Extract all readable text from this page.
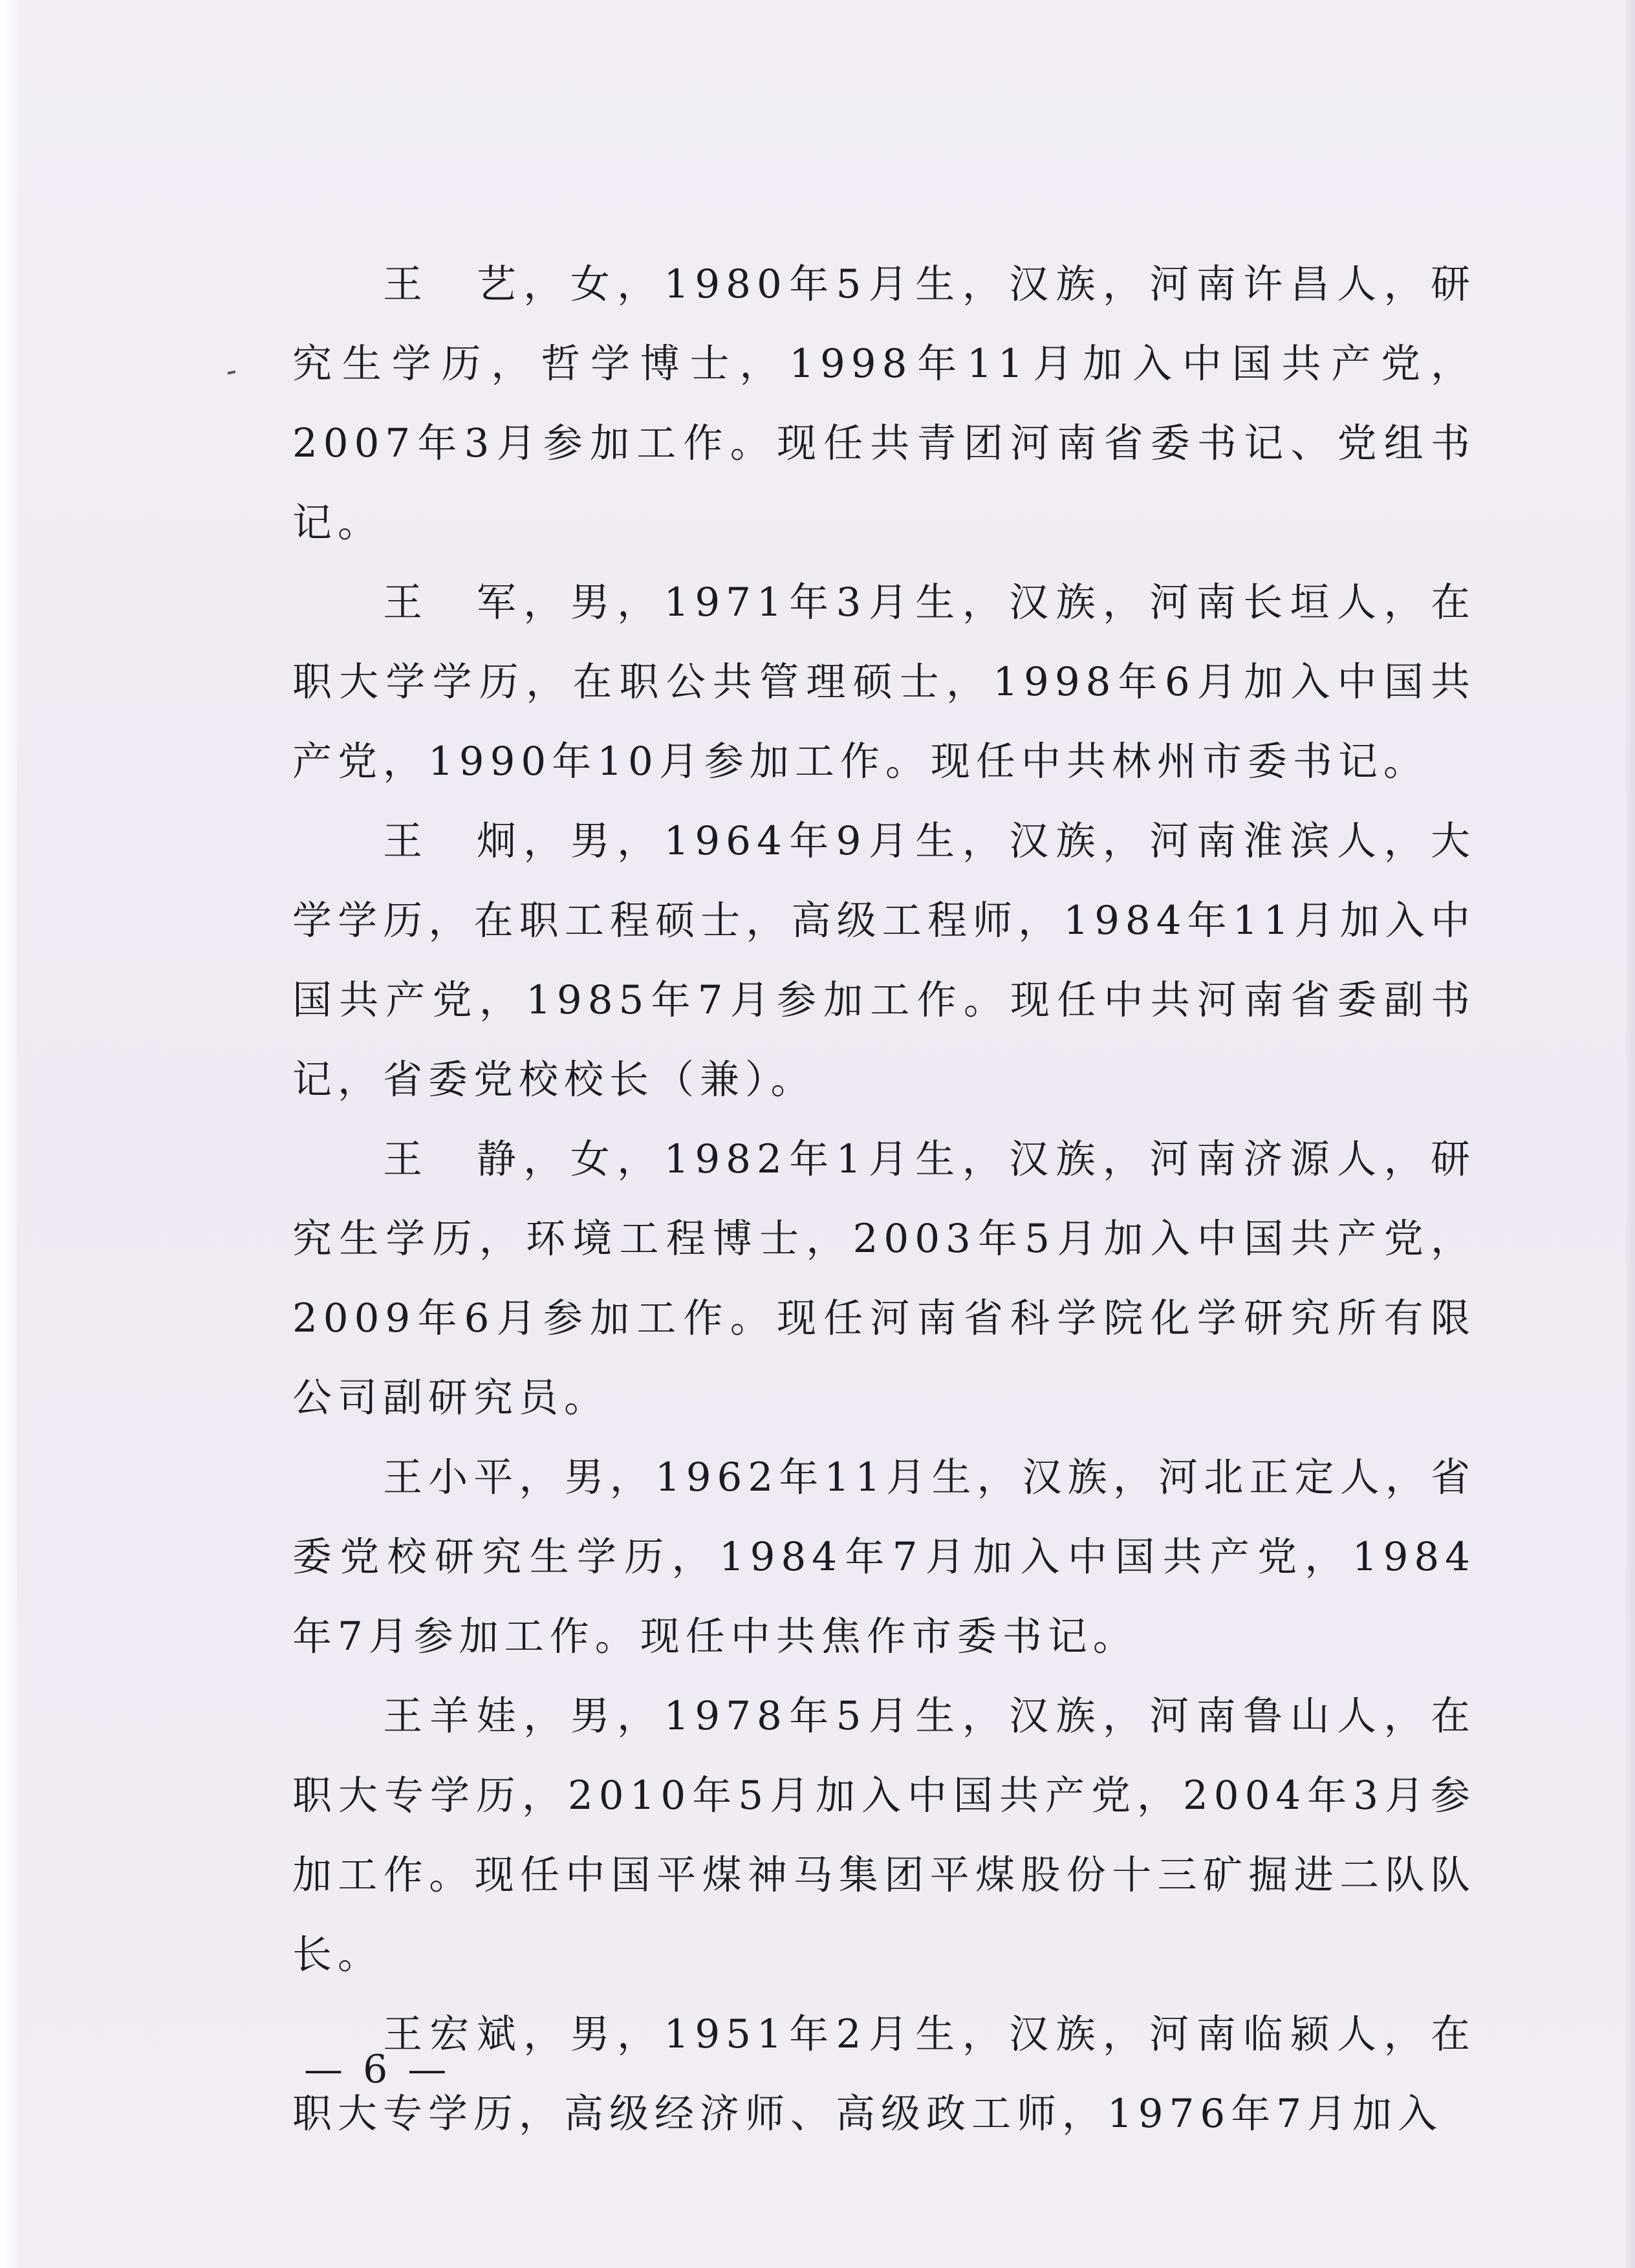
王　艺，女，1980年5月生，汉族，河南许昌人，研究生学历，哲学博士，1998年11月加入中国共产党，2007年3月参加工作。现任共青团河南省委书记、党组书记。

王　军，男，1971年3月生，汉族，河南长垣人，在职大学学历，在职公共管理硕士，1998年6月加入中国共产党，1990年10月参加工作。现任中共林州市委书记。

王　炯，男，1964年9月生，汉族，河南淮滨人，大学学历，在职工程硕士，高级工程师，1984年11月加入中国共产党，1985年7月参加工作。现任中共河南省委副书记，省委党校校长（兼）。

王　静，女，1982年1月生，汉族，河南济源人，研究生学历，环境工程博士，2003年5月加入中国共产党，2009年6月参加工作。现任河南省科学院化学研究所有限公司副研究员。

王小平，男，1962年11月生，汉族，河北正定人，省委党校研究生学历，1984年7月加入中国共产党，1984年7月参加工作。现任中共焦作市委书记。

王羊娃，男，1978年5月生，汉族，河南鲁山人，在职大专学历，2010年5月加入中国共产党，2004年3月参加工作。现任中国平煤神马集团平煤股份十三矿掘进二队队长。

王宏斌，男，1951年2月生，汉族，河南临颍人，在职大专学历，高级经济师、高级政工师，1976年7月加入

— 6 —
